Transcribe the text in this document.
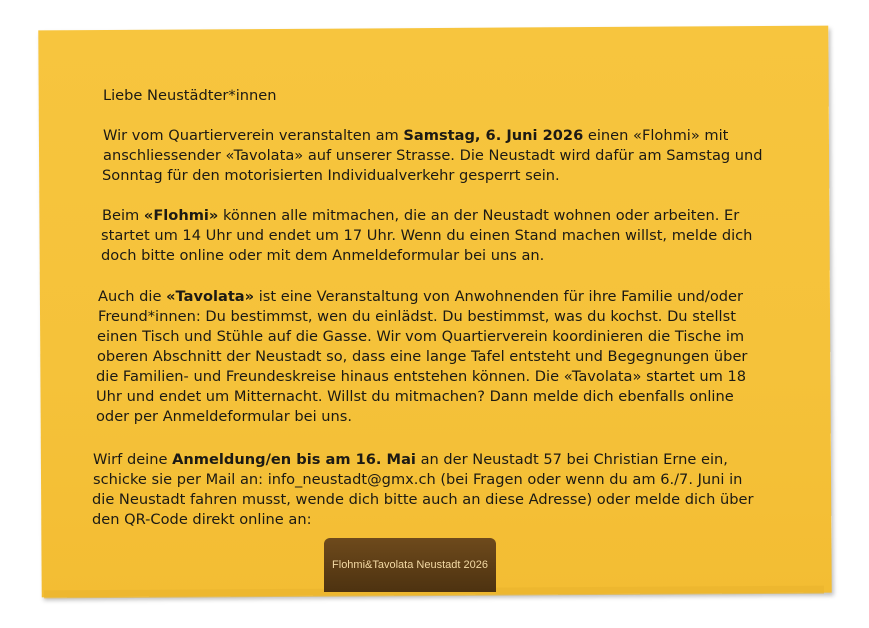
Liebe Neustädter*innen
Wir vom Quartierverein veranstalten am Samstag, 6. Juni 2026 einen «Flohmi» mit
anschliessender «Tavolata» auf unserer Strasse. Die Neustadt wird dafür am Samstag und
Sonntag für den motorisierten Individualverkehr gesperrt sein.
Beim «Flohmi» können alle mitmachen, die an der Neustadt wohnen oder arbeiten. Er
startet um 14 Uhr und endet um 17 Uhr. Wenn du einen Stand machen willst, melde dich
doch bitte online oder mit dem Anmeldeformular bei uns an.
Auch die «Tavolata» ist eine Veranstaltung von Anwohnenden für ihre Familie und/oder
Freund*innen: Du bestimmst, wen du einlädst. Du bestimmst, was du kochst. Du stellst
einen Tisch und Stühle auf die Gasse. Wir vom Quartierverein koordinieren die Tische im
oberen Abschnitt der Neustadt so, dass eine lange Tafel entsteht und Begegnungen über
die Familien- und Freundeskreise hinaus entstehen können. Die «Tavolata» startet um 18
Uhr und endet um Mitternacht. Willst du mitmachen? Dann melde dich ebenfalls online
oder per Anmeldeformular bei uns.
Wirf deine Anmeldung/en bis am 16. Mai an der Neustadt 57 bei Christian Erne ein,
schicke sie per Mail an: info_neustadt@gmx.ch (bei Fragen oder wenn du am 6./7. Juni in
die Neustadt fahren musst, wende dich bitte auch an diese Adresse) oder melde dich über
den QR-Code direkt online an:
Flohmi&Tavolata Neustadt 2026
